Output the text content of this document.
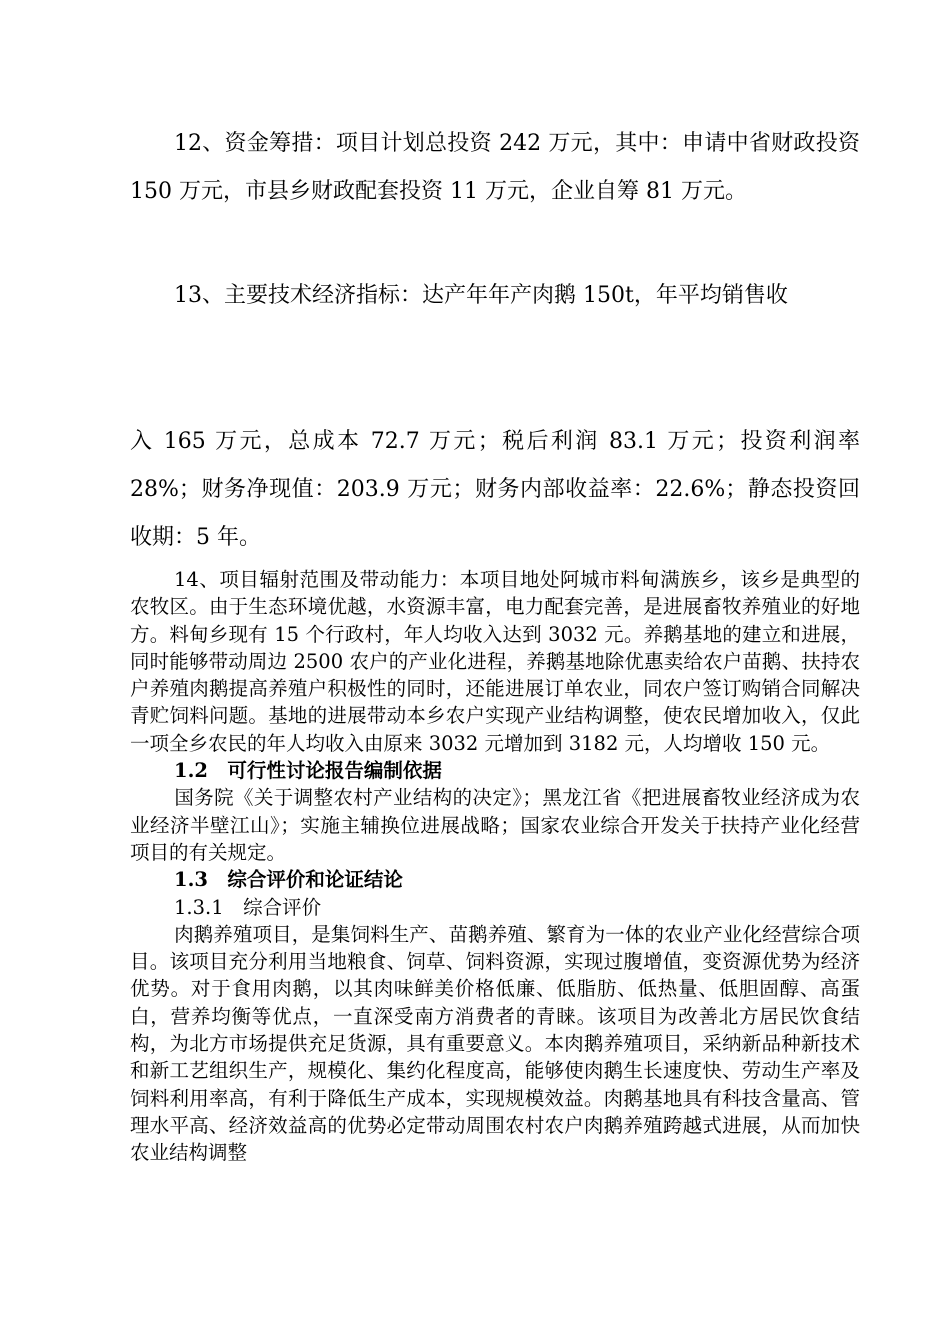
12、资金筹措：项目计划总投资 242 万元，其中：申请中省财政投资 150 万元，市县乡财政配套投资 11 万元，企业自筹 81 万元。
13、主要技术经济指标：达产年年产肉鹅 150t，年平均销售收
入 165 万元，总成本 72.7 万元；税后利润 83.1 万元；投资利润率 28%；财务净现值：203.9 万元；财务内部收益率：22.6%；静态投资回收期：5 年。

14、项目辐射范围及带动能力：本项目地处阿城市料甸满族乡，该乡是典型的农牧区。由于生态环境优越，水资源丰富，电力配套完善，是进展畜牧养殖业的好地方。料甸乡现有 15 个行政村，年人均收入达到 3032 元。养鹅基地的建立和进展，同时能够带动周边 2500 农户的产业化进程，养鹅基地除优惠卖给农户苗鹅、扶持农户养殖肉鹅提高养殖户积极性的同时，还能进展订单农业，同农户签订购销合同解决青贮饲料问题。基地的进展带动本乡农户实现产业结构调整，使农民增加收入，仅此一项全乡农民的年人均收入由原来 3032 元增加到 3182 元，人均增收 150 元。

1.2　可行性讨论报告编制依据

国务院《关于调整农村产业结构的决定》；黑龙江省《把进展畜牧业经济成为农业经济半壁江山》；实施主辅换位进展战略；国家农业综合开发关于扶持产业化经营项目的有关规定。

1.3　综合评价和论证结论

1.3.1　综合评价

肉鹅养殖项目，是集饲料生产、苗鹅养殖、繁育为一体的农业产业化经营综合项目。该项目充分利用当地粮食、饲草、饲料资源，实现过腹增值，变资源优势为经济优势。对于食用肉鹅，以其肉味鲜美价格低廉、低脂肪、低热量、低胆固醇、高蛋白，营养均衡等优点，一直深受南方消费者的青睐。该项目为改善北方居民饮食结构，为北方市场提供充足货源，具有重要意义。本肉鹅养殖项目，采纳新品种新技术和新工艺组织生产，规模化、集约化程度高，能够使肉鹅生长速度快、劳动生产率及饲料利用率高，有利于降低生产成本，实现规模效益。肉鹅基地具有科技含量高、管理水平高、经济效益高的优势必定带动周围农村农户肉鹅养殖跨越式进展，从而加快农业结构调整
